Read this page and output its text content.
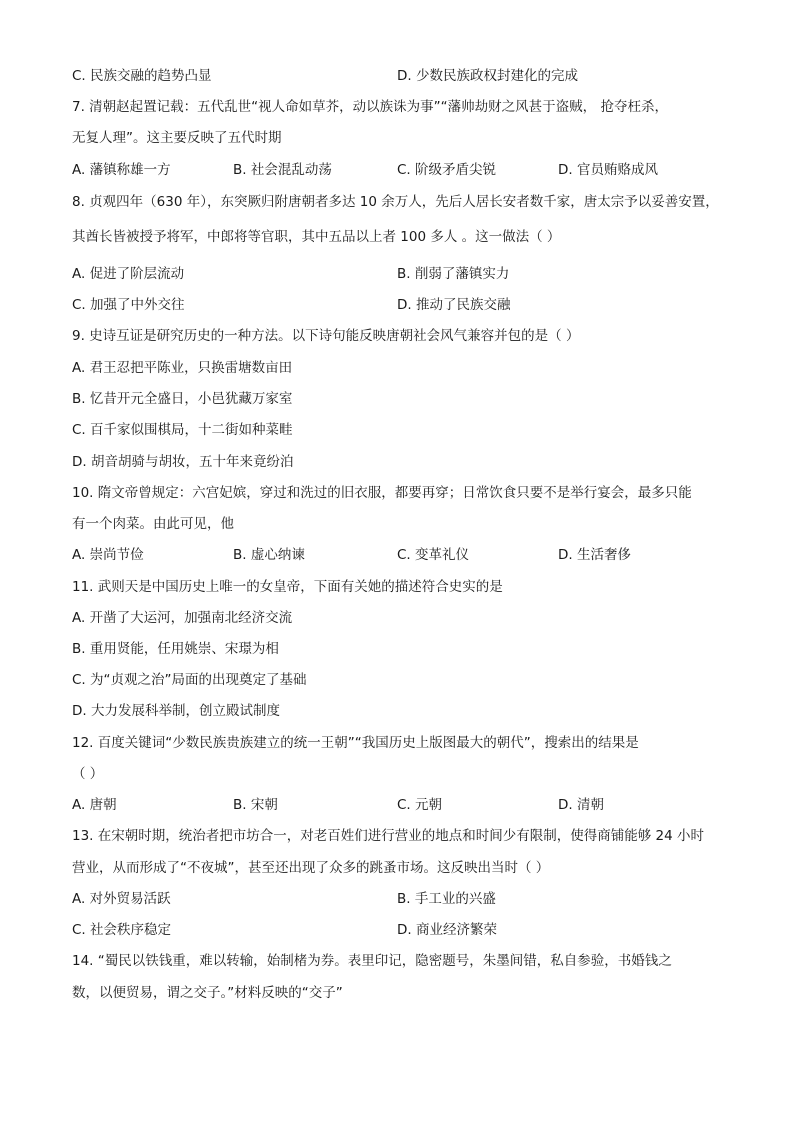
C. 民族交融的趋势凸显	D. 少数民族政权封建化的完成
7. 清朝赵起置记载：五代乱世“视人命如草芥，动以族诛为事”“藩帅劫财之风甚于盗贼， 抢夺枉杀，
无复人理”。这主要反映了五代时期
A. 藩镇称雄一方	B. 社会混乱动荡	C. 阶级矛盾尖锐	D. 官员贿赂成风
8. 贞观四年（630 年），东突厥归附唐朝者多达 10 余万人，先后人居长安者数千家，唐太宗予以妥善安置，
其酋长皆被授予将军，中郎将等官职，其中五品以上者 100 多人 。这一做法（ ）
A. 促进了阶层流动	B. 削弱了藩镇实力
C. 加强了中外交往	D. 推动了民族交融
9. 史诗互证是研究历史的一种方法。以下诗句能反映唐朝社会风气兼容并包的是（ ）
A. 君王忍把平陈业，只换雷塘数亩田
B. 忆昔开元全盛日，小邑犹藏万家室
C. 百千家似围棋局，十二街如种菜畦
D. 胡音胡骑与胡妆，五十年来竟纷泊
10. 隋文帝曾规定：六宫妃嫔，穿过和洗过的旧衣服，都要再穿；日常饮食只要不是举行宴会，最多只能
有一个肉菜。由此可见，他
A. 崇尚节俭	B. 虚心纳谏	C. 变革礼仪	D. 生活奢侈
11. 武则天是中国历史上唯一的女皇帝，下面有关她的描述符合史实的是
A. 开凿了大运河，加强南北经济交流
B. 重用贤能，任用姚崇、宋璟为相
C. 为“贞观之治”局面的出现奠定了基础
D. 大力发展科举制，创立殿试制度
12. 百度关键词“少数民族贵族建立的统一王朝”“我国历史上版图最大的朝代”，搜索出的结果是
（ ）
A. 唐朝	B. 宋朝	C. 元朝	D. 清朝
13. 在宋朝时期，统治者把市坊合一，对老百姓们进行营业的地点和时间少有限制，使得商铺能够 24 小时
营业，从而形成了“不夜城”，甚至还出现了众多的跳蚤市场。这反映出当时（ ）
A. 对外贸易活跃	B. 手工业的兴盛
C. 社会秩序稳定	D. 商业经济繁荣
14. “蜀民以铁钱重，难以转输，始制楮为券。表里印记，隐密题号，朱墨间错，私自参验，书婚钱之
数，以便贸易，谓之交子。”材料反映的“交子”
